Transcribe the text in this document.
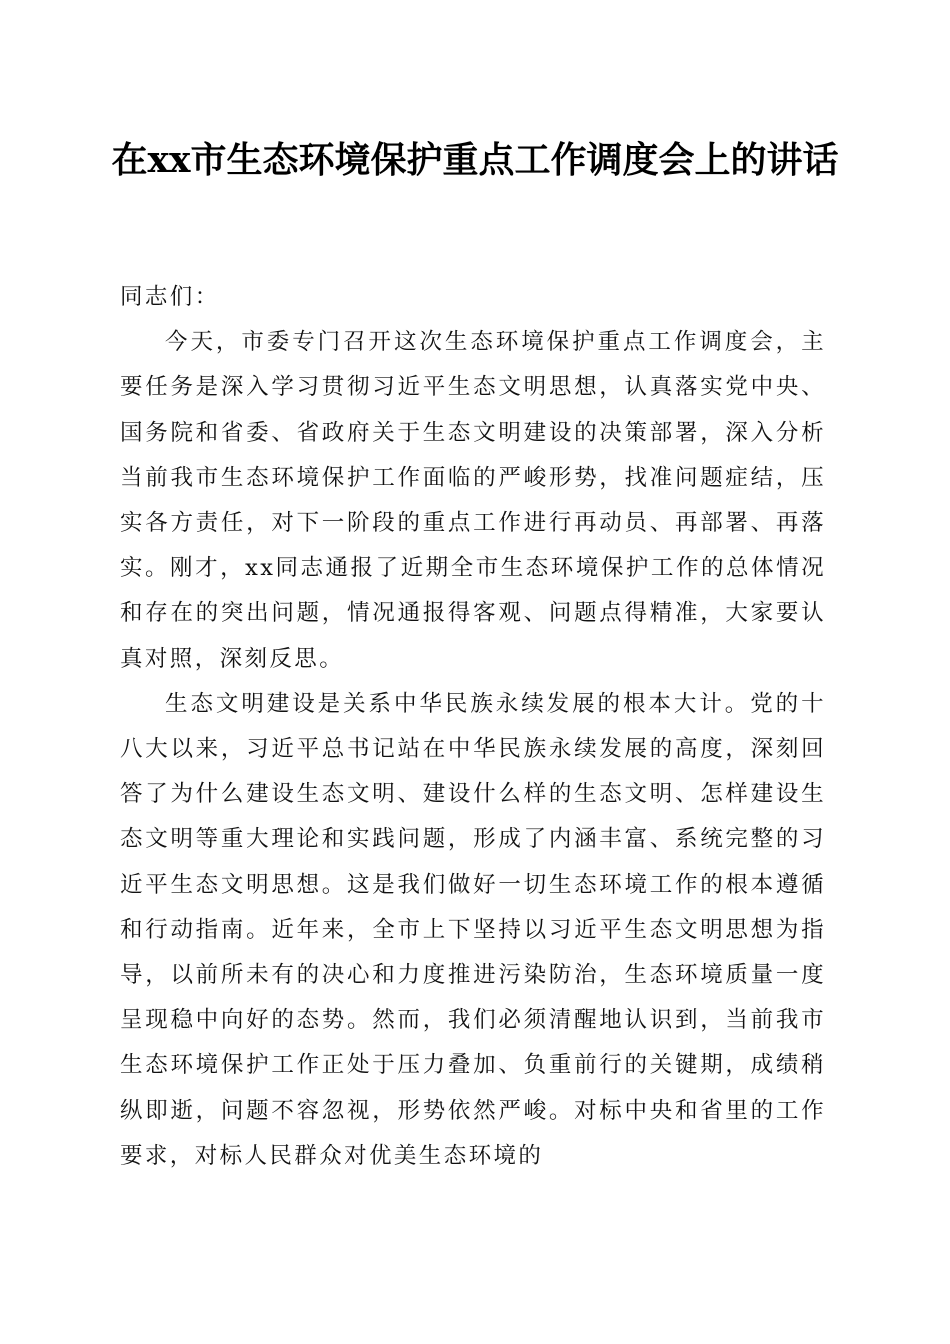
在xx市生态环境保护重点工作调度会上的讲话

同志们：

今天，市委专门召开这次生态环境保护重点工作调度会，主要任务是深入学习贯彻习近平生态文明思想，认真落实党中央、国务院和省委、省政府关于生态文明建设的决策部署，深入分析当前我市生态环境保护工作面临的严峻形势，找准问题症结，压实各方责任，对下一阶段的重点工作进行再动员、再部署、再落实。刚才，xx同志通报了近期全市生态环境保护工作的总体情况和存在的突出问题，情况通报得客观、问题点得精准，大家要认真对照，深刻反思。

生态文明建设是关系中华民族永续发展的根本大计。党的十八大以来，习近平总书记站在中华民族永续发展的高度，深刻回答了为什么建设生态文明、建设什么样的生态文明、怎样建设生态文明等重大理论和实践问题，形成了内涵丰富、系统完整的习近平生态文明思想。这是我们做好一切生态环境工作的根本遵循和行动指南。近年来，全市上下坚持以习近平生态文明思想为指导，以前所未有的决心和力度推进污染防治，生态环境质量一度呈现稳中向好的态势。然而，我们必须清醒地认识到，当前我市生态环境保护工作正处于压力叠加、负重前行的关键期，成绩稍纵即逝，问题不容忽视，形势依然严峻。对标中央和省里的工作要求，对标人民群众对优美生态环境的
